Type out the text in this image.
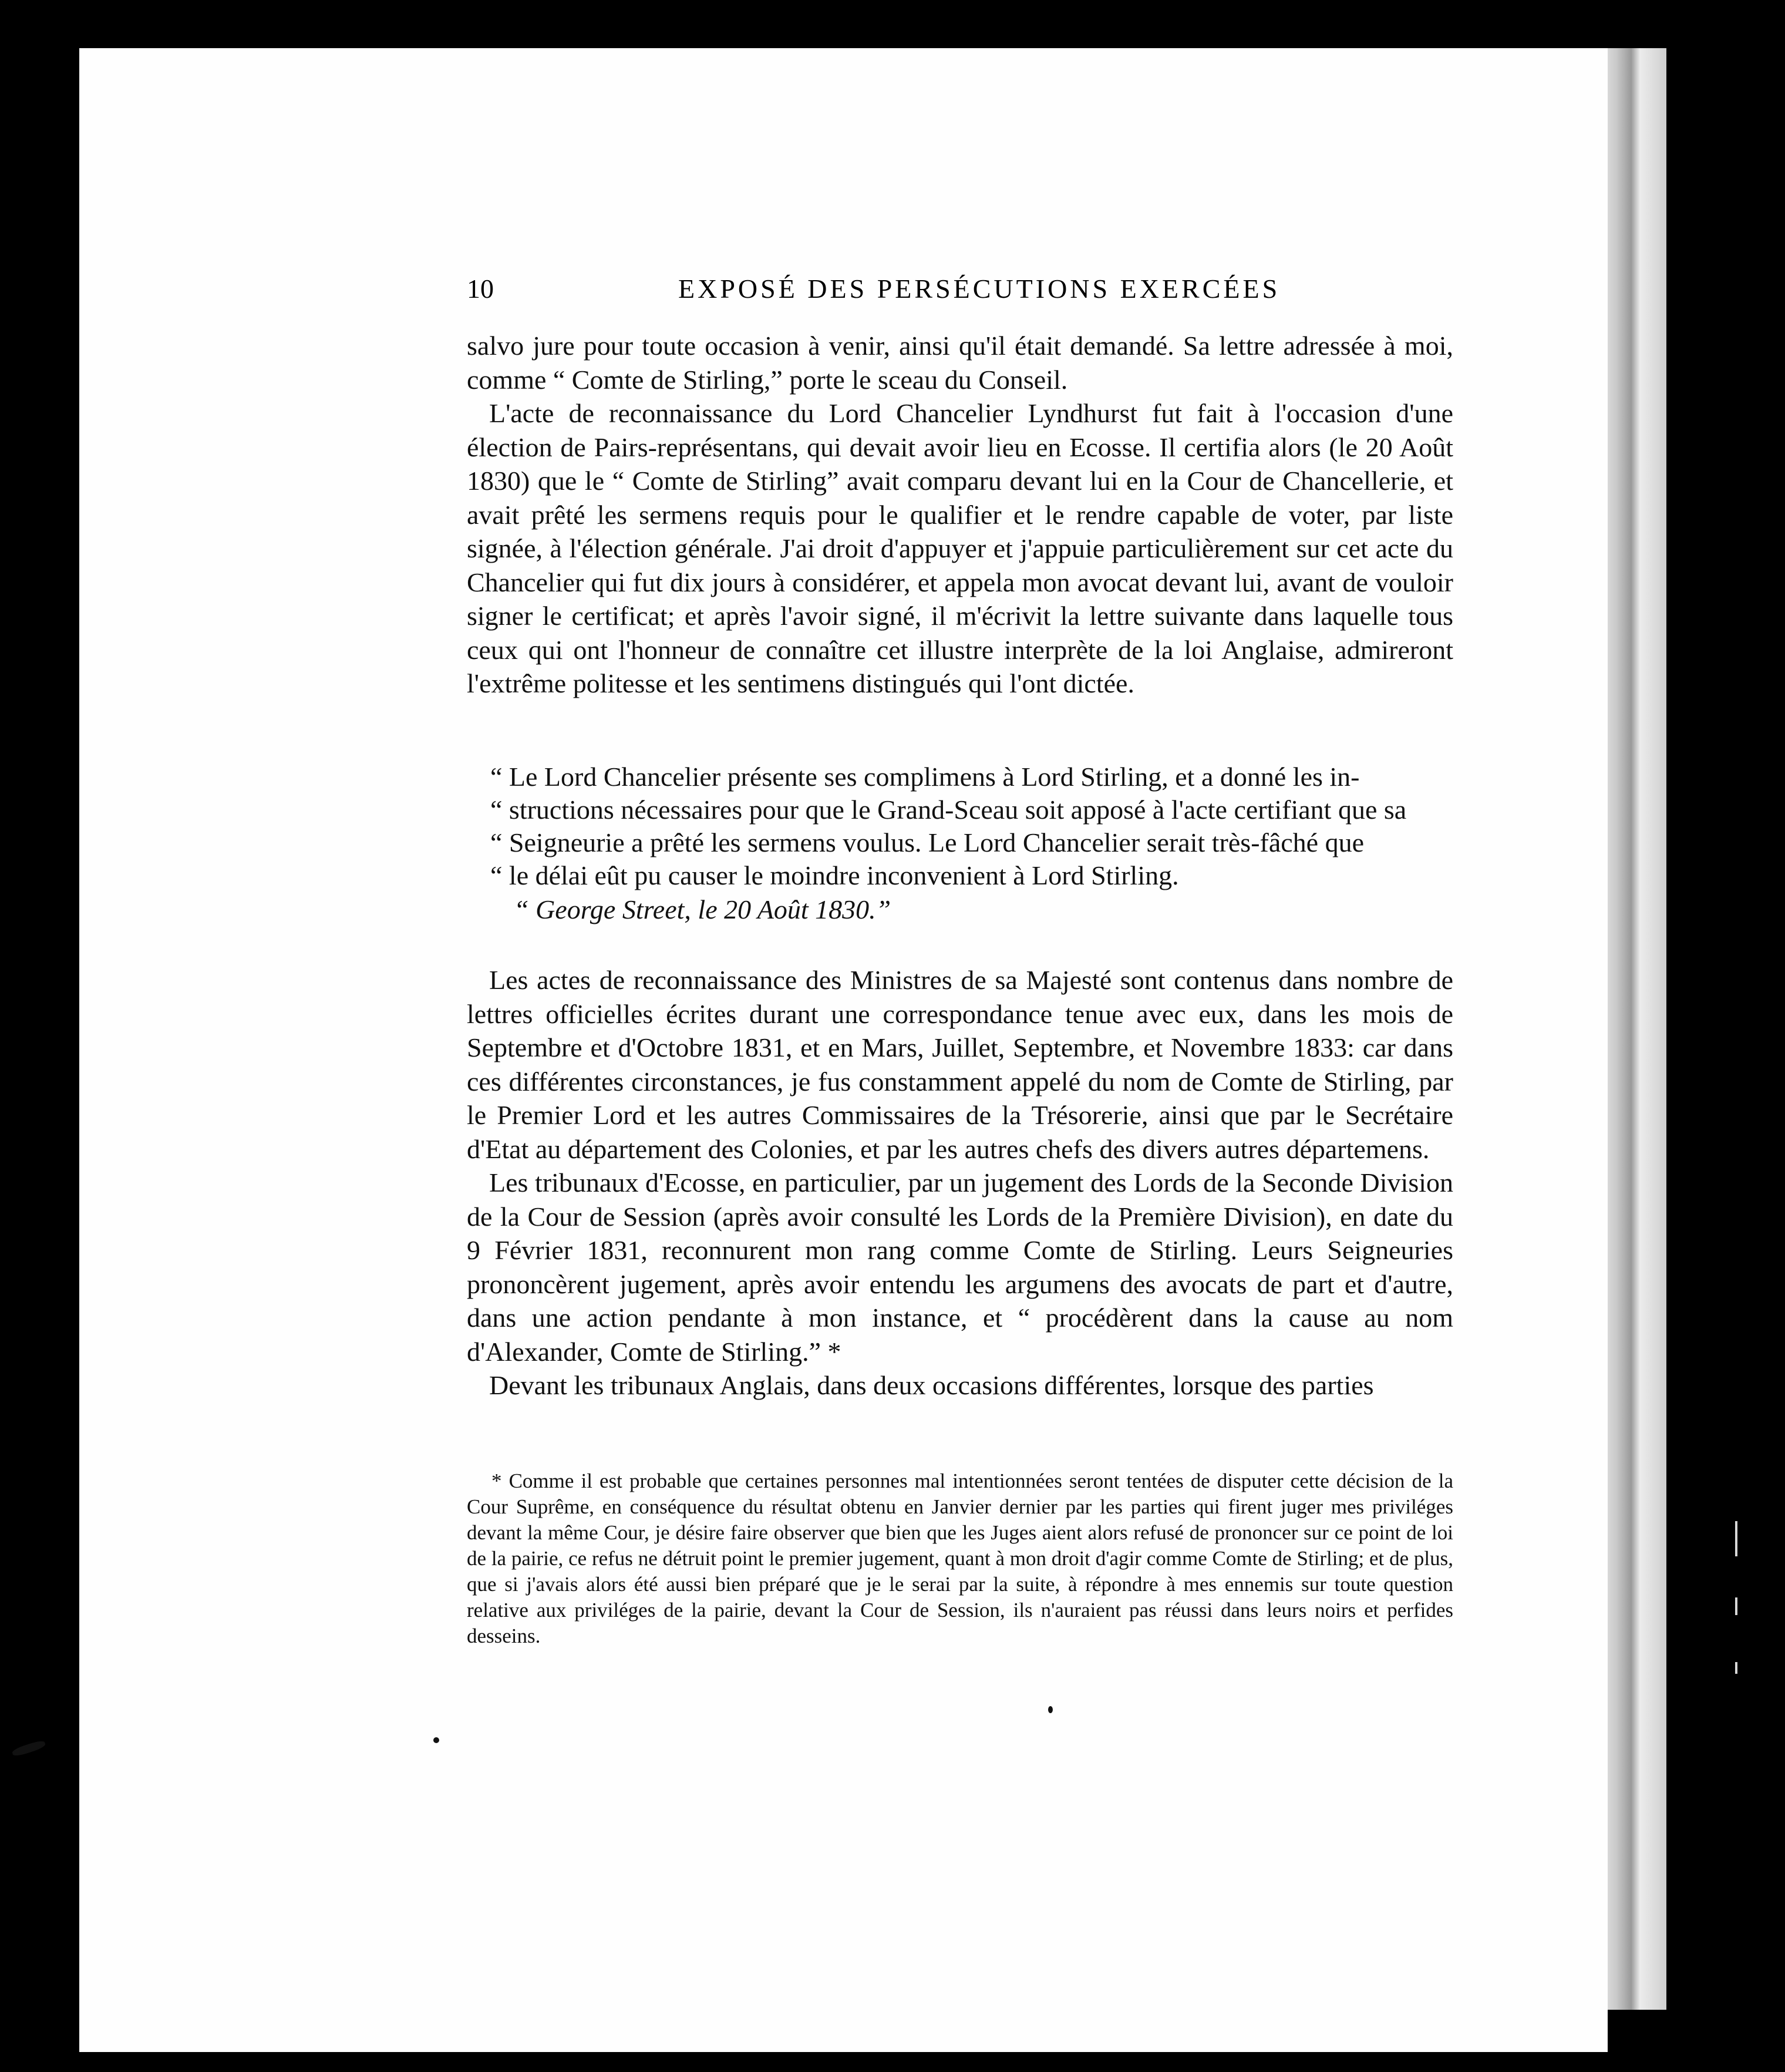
10	EXPOSÉ DES PERSÉCUTIONS EXERCÉES

salvo jure pour toute occasion à venir, ainsi qu'il était demandé. Sa lettre adressée à moi, comme “ Comte de Stirling,” porte le sceau du Conseil.

L'acte de reconnaissance du Lord Chancelier Lyndhurst fut fait à l'occasion d'une élection de Pairs-représentans, qui devait avoir lieu en Ecosse. Il certifia alors (le 20 Août 1830) que le “ Comte de Stirling” avait comparu devant lui en la Cour de Chancellerie, et avait prêté les sermens requis pour le qualifier et le rendre capable de voter, par liste signée, à l'élection générale. J'ai droit d'appuyer et j'appuie particulièrement sur cet acte du Chancelier qui fut dix jours à considérer, et appela mon avocat devant lui, avant de vouloir signer le certificat; et après l'avoir signé, il m'écrivit la lettre suivante dans laquelle tous ceux qui ont l'honneur de connaître cet illustre interprète de la loi Anglaise, admireront l'extrême politesse et les sentimens distingués qui l'ont dictée.

“ Le Lord Chancelier présente ses complimens à Lord Stirling, et a donné les in-

“ structions nécessaires pour que le Grand-Sceau soit apposé à l'acte certifiant que sa

“ Seigneurie a prêté les sermens voulus. Le Lord Chancelier serait très-fâché que

“ le délai eût pu causer le moindre inconvenient à Lord Stirling.

“ George Street, le 20 Août 1830.”

Les actes de reconnaissance des Ministres de sa Majesté sont contenus dans nombre de lettres officielles écrites durant une correspondance tenue avec eux, dans les mois de Septembre et d'Octobre 1831, et en Mars, Juillet, Septembre, et Novembre 1833: car dans ces différentes circonstances, je fus constamment appelé du nom de Comte de Stirling, par le Premier Lord et les autres Commissaires de la Trésorerie, ainsi que par le Secrétaire d'Etat au département des Colonies, et par les autres chefs des divers autres départemens.

Les tribunaux d'Ecosse, en particulier, par un jugement des Lords de la Seconde Division de la Cour de Session (après avoir consulté les Lords de la Première Division), en date du 9 Février 1831, reconnurent mon rang comme Comte de Stirling. Leurs Seigneuries prononcèrent jugement, après avoir entendu les argumens des avocats de part et d'autre, dans une action pendante à mon instance, et “ procédèrent dans la cause au nom d'Alexander, Comte de Stirling.” *

Devant les tribunaux Anglais, dans deux occasions différentes, lorsque des parties

* Comme il est probable que certaines personnes mal intentionnées seront tentées de disputer cette décision de la Cour Suprême, en conséquence du résultat obtenu en Janvier dernier par les parties qui firent juger mes priviléges devant la même Cour, je désire faire observer que bien que les Juges aient alors refusé de prononcer sur ce point de loi de la pairie, ce refus ne détruit point le premier jugement, quant à mon droit d'agir comme Comte de Stirling; et de plus, que si j'avais alors été aussi bien préparé que je le serai par la suite, à répondre à mes ennemis sur toute question relative aux priviléges de la pairie, devant la Cour de Session, ils n'auraient pas réussi dans leurs noirs et perfides desseins.
